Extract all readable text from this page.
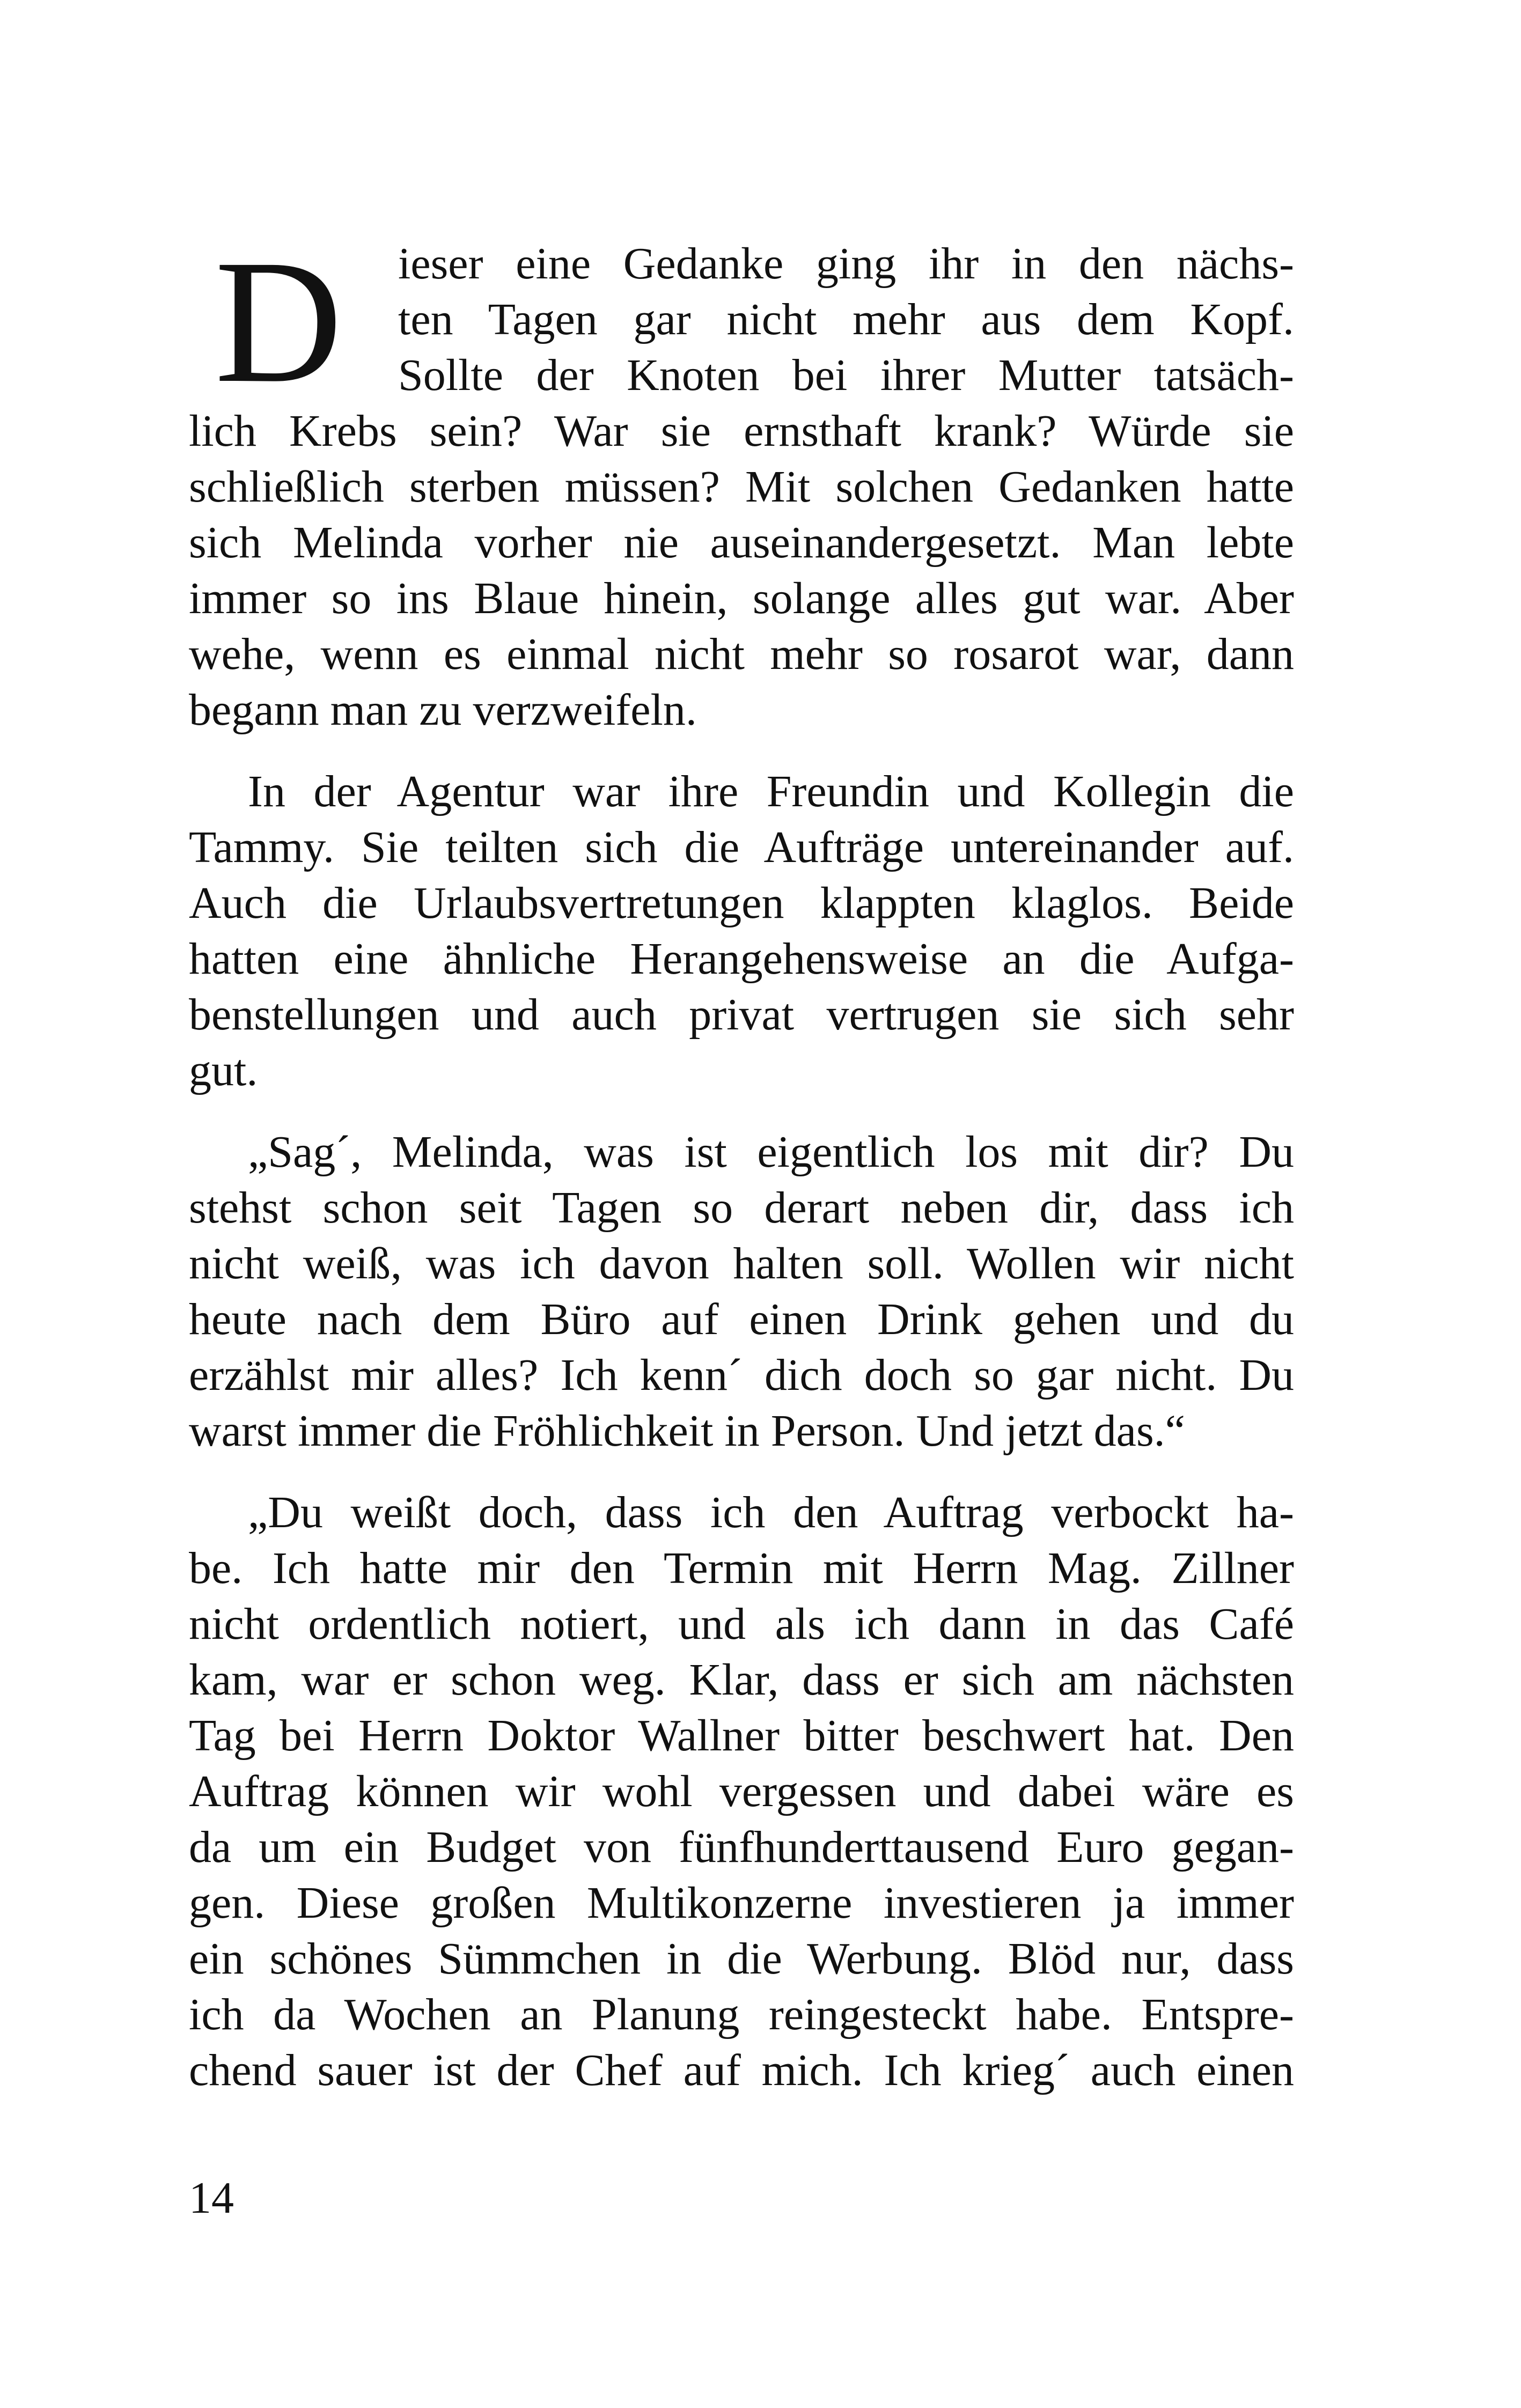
D	ieser eine Gedanke ging ihr in den nächs-
ten Tagen gar nicht mehr aus dem Kopf.
Sollte der Knoten bei ihrer Mutter tatsäch-
lich Krebs sein? War sie ernsthaft krank? Würde sie
schließlich sterben müssen? Mit solchen Gedanken hatte
sich Melinda vorher nie auseinandergesetzt. Man lebte
immer so ins Blaue hinein, solange alles gut war. Aber
wehe, wenn es einmal nicht mehr so rosarot war, dann
begann man zu verzweifeln.
In der Agentur war ihre Freundin und Kollegin die
Tammy. Sie teilten sich die Aufträge untereinander auf.
Auch die Urlaubsvertretungen klappten klaglos. Beide
hatten eine ähnliche Herangehensweise an die Aufga-
benstellungen und auch privat vertrugen sie sich sehr
gut.
„Sag´, Melinda, was ist eigentlich los mit dir? Du
stehst schon seit Tagen so derart neben dir, dass ich
nicht weiß, was ich davon halten soll. Wollen wir nicht
heute nach dem Büro auf einen Drink gehen und du
erzählst mir alles? Ich kenn´ dich doch so gar nicht. Du
warst immer die Fröhlichkeit in Person. Und jetzt das.“
„Du weißt doch, dass ich den Auftrag verbockt ha-
be. Ich hatte mir den Termin mit Herrn Mag. Zillner
nicht ordentlich notiert, und als ich dann in das Café
kam, war er schon weg. Klar, dass er sich am nächsten
Tag bei Herrn Doktor Wallner bitter beschwert hat. Den
Auftrag können wir wohl vergessen und dabei wäre es
da um ein Budget von fünfhunderttausend Euro gegan-
gen. Diese großen Multikonzerne investieren ja immer
ein schönes Sümmchen in die Werbung. Blöd nur, dass
ich da Wochen an Planung reingesteckt habe. Entspre-
chend sauer ist der Chef auf mich. Ich krieg´ auch einen
14
